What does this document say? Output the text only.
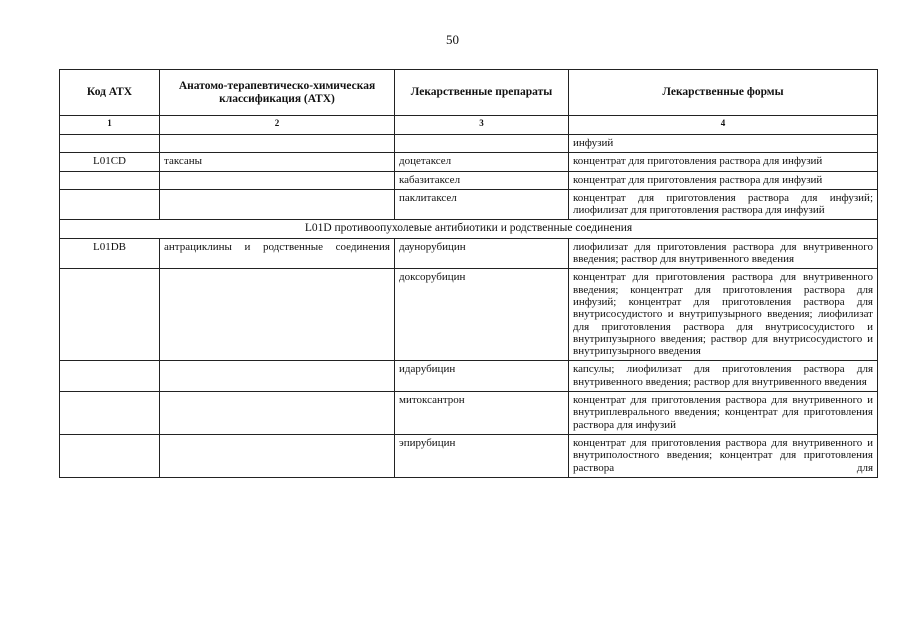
50
Код АТХ	Анатомо-терапевтическо-химическая классификация (АТХ)	Лекарственные препараты	Лекарственные формы
1	2	3	4
			инфузий
L01CD	таксаны	доцетаксел	концентрат для приготовления раствора для инфузий
		кабазитаксел	концентрат для приготовления раствора для инфузий
		паклитаксел	концентрат для приготовления раствора для инфузий; лиофилизат для приготовления раствора для инфузий
L01D противоопухолевые антибиотики и родственные соединения			
L01DB	антрациклины и родственные соединения	даунорубицин	лиофилизат для приготовления раствора для внутривенного введения; раствор для внутривенного введения
		доксорубицин	концентрат для приготовления раствора для внутривенного введения; концентрат для приготовления раствора для инфузий; концентрат для приготовления раствора для внутрисосудистого и внутрипузырного введения; лиофилизат для приготовления раствора для внутрисосудистого и внутрипузырного введения; раствор для внутрисосудистого и внутрипузырного введения
		идарубицин	капсулы; лиофилизат для приготовления раствора для внутривенного введения; раствор для внутривенного введения
		митоксантрон	концентрат для приготовления раствора для внутривенного и внутриплеврального введения; концентрат для приготовления раствора для инфузий
		эпирубицин	концентрат для приготовления раствора для внутривенного и внутриполостного введения; концентрат для приготовления раствора для
